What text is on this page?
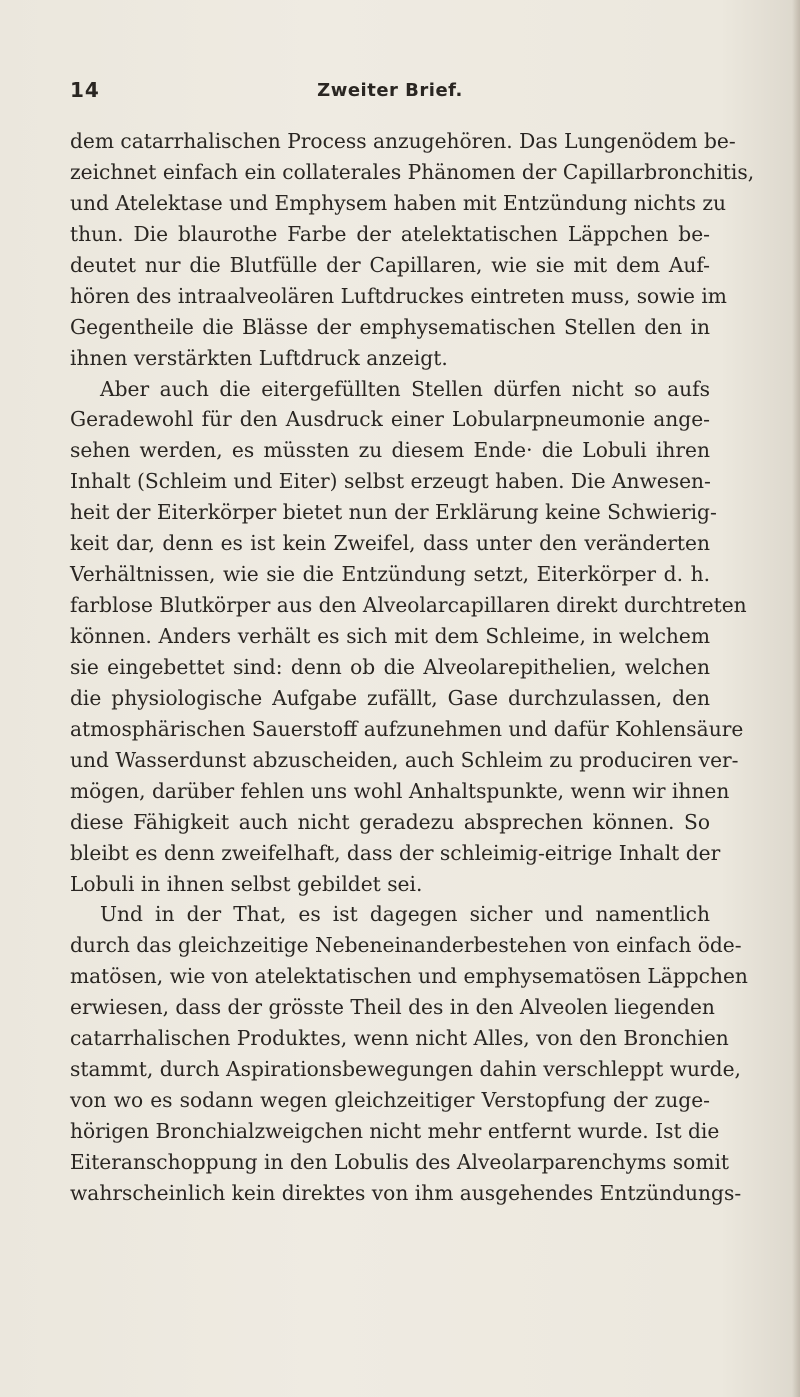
14	Zweiter Brief.
dem catarrhalischen Process anzugehören. Das Lungenödem be-
zeichnet einfach ein collaterales Phänomen der Capillarbronchitis,
und Atelektase und Emphysem haben mit Entzündung nichts zu
thun. Die blaurothe Farbe der atelektatischen Läppchen be-
deutet nur die Blutfülle der Capillaren, wie sie mit dem Auf-
hören des intraalveolären Luftdruckes eintreten muss, sowie im
Gegentheile die Blässe der emphysematischen Stellen den in
ihnen verstärkten Luftdruck anzeigt.
Aber auch die eitergefüllten Stellen dürfen nicht so aufs
Geradewohl für den Ausdruck einer Lobularpneumonie ange-
sehen werden, es müssten zu diesem Ende· die Lobuli ihren
Inhalt (Schleim und Eiter) selbst erzeugt haben. Die Anwesen-
heit der Eiterkörper bietet nun der Erklärung keine Schwierig-
keit dar, denn es ist kein Zweifel, dass unter den veränderten
Verhältnissen, wie sie die Entzündung setzt, Eiterkörper d. h.
farblose Blutkörper aus den Alveolarcapillaren direkt durchtreten
können. Anders verhält es sich mit dem Schleime, in welchem
sie eingebettet sind: denn ob die Alveolarepithelien, welchen
die physiologische Aufgabe zufällt, Gase durchzulassen, den
atmosphärischen Sauerstoff aufzunehmen und dafür Kohlensäure
und Wasserdunst abzuscheiden, auch Schleim zu produciren ver-
mögen, darüber fehlen uns wohl Anhaltspunkte, wenn wir ihnen
diese Fähigkeit auch nicht geradezu absprechen können. So
bleibt es denn zweifelhaft, dass der schleimig-eitrige Inhalt der
Lobuli in ihnen selbst gebildet sei.
Und in der That, es ist dagegen sicher und namentlich
durch das gleichzeitige Nebeneinanderbestehen von einfach öde-
matösen, wie von atelektatischen und emphysematösen Läppchen
erwiesen, dass der grösste Theil des in den Alveolen liegenden
catarrhalischen Produktes, wenn nicht Alles, von den Bronchien
stammt, durch Aspirationsbewegungen dahin verschleppt wurde,
von wo es sodann wegen gleichzeitiger Verstopfung der zuge-
hörigen Bronchialzweigchen nicht mehr entfernt wurde. Ist die
Eiteranschoppung in den Lobulis des Alveolarparenchyms somit
wahrscheinlich kein direktes von ihm ausgehendes Entzündungs-
